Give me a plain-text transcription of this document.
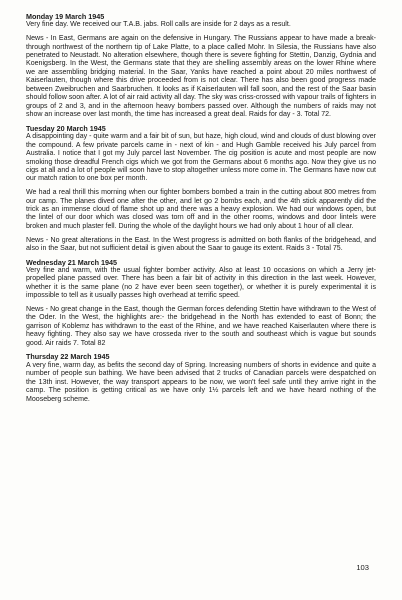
Monday 19 March 1945

Very fine day. We received our T.A.B. jabs. Roll calls are inside for 2 days as a result.

News - In East, Germans are again on the defensive in Hungary. The Russians appear to have made a break-through northwest of the northern tip of Lake Platte, to a place called Mohr. In Silesia, the Russians have also penetrated to Neustadt. No alteration elsewhere, though there is severe fighting for Stettin, Danzig, Gydnia and Koenigsberg. In the West, the Germans state that they are shelling assembly areas on the lower Rhine where we are assembling bridging material. In the Saar, Yanks have reached a point about 20 miles northwest of Kaiserlauten, though where this drive proceeded from is not clear. There has also been good progress made between Zweibruchen and Saarbruchen. It looks as if Kaiserlauten will fall soon, and the rest of the Saar basin should follow soon after. A lot of air raid activity all day. The sky was criss-crossed with vapour trails of fighters in groups of 2 and 3, and in the afternoon heavy bombers passed over. Although the numbers of raids may not show an increase over last month, the time has increased a great deal. Raids for day - 3. Total 72.

Tuesday 20 March 1945

A disappointing day - quite warm and a fair bit of sun, but haze, high cloud, wind and clouds of dust blowing over the compound. A few private parcels came in - next of kin - and Hugh Gamble received his July parcel from Australia. I notice that I got my July parcel last November. The cig position is acute and most people are now smoking those dreadful French cigs which we got from the Germans about 6 months ago. Now they give us no cigs at all and a lot of people will soon have to stop altogether unless more come in. The Germans have now cut our match ration to one box per month.

We had a real thrill this morning when our fighter bombers bombed a train in the cutting about 800 metres from our camp. The planes dived one after the other, and let go 2 bombs each, and the 4th stick apparently did the trick as an immense cloud of flame shot up and there was a heavy explosion. We had our windows open, but the lintel of our door which was closed was torn off and in the other rooms, windows and door lintels were broken and much plaster fell. During the whole of the daylight hours we had only about 1 hour of all clear.

News - No great alterations in the East. In the West progress is admitted on both flanks of the bridgehead, and also in the Saar, but not sufficient detail is given about the Saar to gauge its extent. Raids 3 - Total 75.

Wednesday 21 March 1945

Very fine and warm, with the usual fighter bomber activity. Also at least 10 occasions on which a Jerry jet-propelled plane passed over. There has been a fair bit of activity in this direction in the last week. However, whether it is the same plane (no 2 have ever been seen together), or whether it is purely experimental it is impossible to tell as it usually passes high overhead at terrific speed.

News - No great change in the East, though the German forces defending Stettin have withdrawn to the West of the Oder. In the West, the highlights are:- the bridgehead in the North has extended to east of Bonn; the garrison of Koblemz has withdrawn to the east of the Rhine, and we have reached Kaiserlauten where there is heavy fighting. They also say we have crosseda river to the south and southeast which is vague but sounds good. Air raids 7. Total 82

Thursday 22 March 1945

A very fine, warm day, as befits the second day of Spring. Increasing numbers of shorts in evidence and quite a number of people sun bathing. We have been advised that 2 trucks of Canadian parcels were despatched on the 13th inst. However, the way transport appears to be now, we won't feel safe until they arrive right in the camp. The position is getting critical as we have only 1½ parcels left and we have heard nothing of the Mooseberg scheme.

103
